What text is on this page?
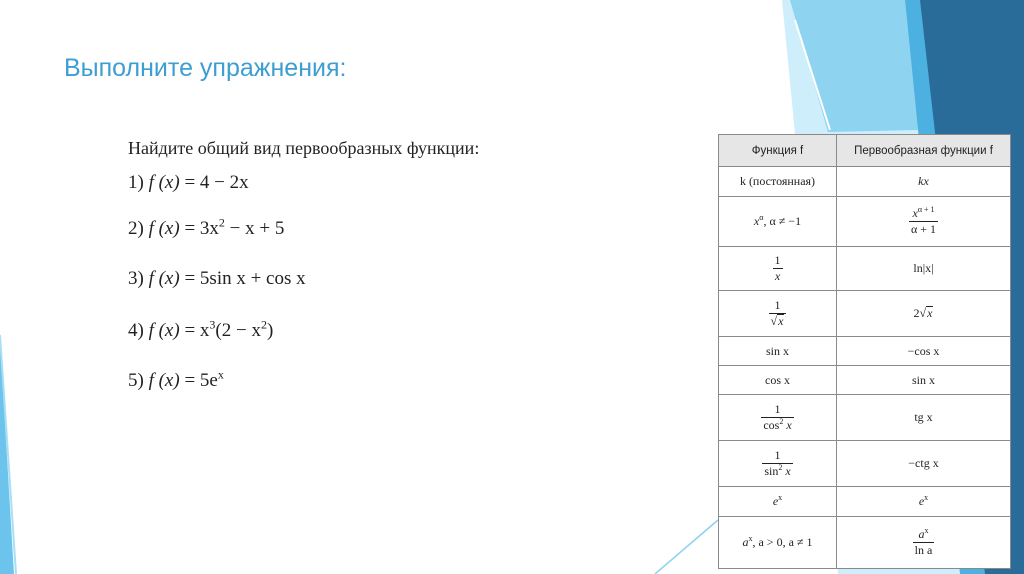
Выполните упражнения:
Найдите общий вид первообразных функции:
1) f (x) = 4 − 2x
2) f $(x) = 3x^2 - x + 5$
3) f (x) = 5sin x + cos x
4) f $(x) = x^3(2 - x^2)$
5) f $(x) = 5e^x$
Функция f	Первообразная функции f
k (постоянная)	kx
$x^\alpha$, α ≠ −1	$\frac{x^{\alpha + 1}}{\alpha + 1}$

$\frac{1}{x}$	ln|x|

$\frac{1}{√x}$	2√x
sin x	−cos x
cos x	sin x

$\frac{1}{\cos^2 x}$	tg x

$\frac{1}{\sin^2 x}$	−ctg x
$e^x$	$e^x$
$a^x$, a > 0, a ≠ 1	$\frac{a^x}{\text{ln a}}$
